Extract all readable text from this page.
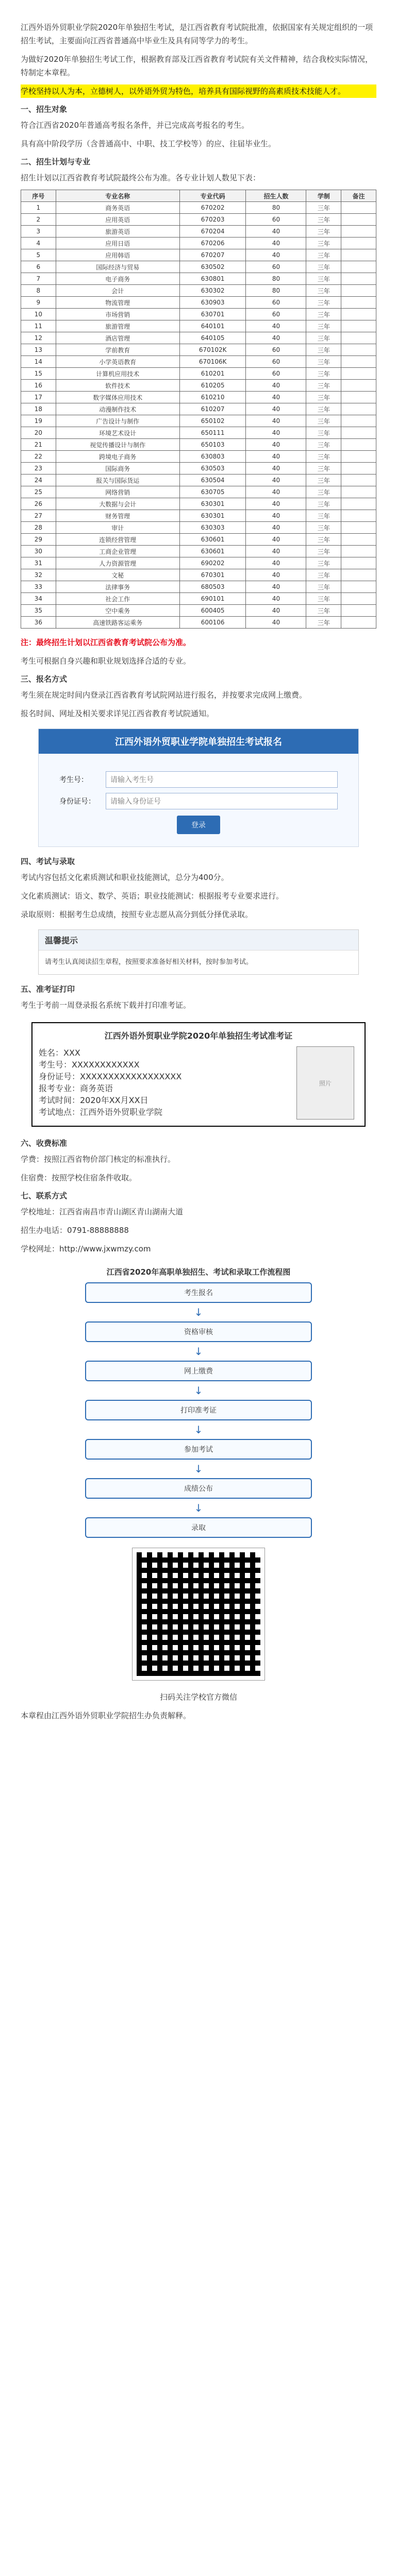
江西外语外贸职业学院2020年单独招生考试，是江西省教育考试院批准，依据国家有关规定组织的一项招生考试，主要面向江西省普通高中毕业生及具有同等学力的考生。

为做好2020年单独招生考试工作，根据教育部及江西省教育考试院有关文件精神，结合我校实际情况，特制定本章程。

学校坚持以人为本，立德树人，以外语外贸为特色，培养具有国际视野的高素质技术技能人才。

一、招生对象

符合江西省2020年普通高考报名条件，并已完成高考报名的考生。

具有高中阶段学历（含普通高中、中职、技工学校等）的应、往届毕业生。

二、招生计划与专业

招生计划以江西省教育考试院最终公布为准。各专业计划人数见下表：

序号	专业名称	专业代码	招生人数	学制	备注
1	商务英语	670202	80	三年	
2	应用英语	670203	60	三年	
3	旅游英语	670204	40	三年	
4	应用日语	670206	40	三年	
5	应用韩语	670207	40	三年	
6	国际经济与贸易	630502	60	三年	
7	电子商务	630801	80	三年	
8	会计	630302	80	三年	
9	物流管理	630903	60	三年	
10	市场营销	630701	60	三年	
11	旅游管理	640101	40	三年	
12	酒店管理	640105	40	三年	
13	学前教育	670102K	60	三年	
14	小学英语教育	670106K	60	三年	
15	计算机应用技术	610201	60	三年	
16	软件技术	610205	40	三年	
17	数字媒体应用技术	610210	40	三年	
18	动漫制作技术	610207	40	三年	
19	广告设计与制作	650102	40	三年	
20	环境艺术设计	650111	40	三年	
21	视觉传播设计与制作	650103	40	三年	
22	跨境电子商务	630803	40	三年	
23	国际商务	630503	40	三年	
24	报关与国际货运	630504	40	三年	
25	网络营销	630705	40	三年	
26	大数据与会计	630301	40	三年	
27	财务管理	630301	40	三年	
28	审计	630303	40	三年	
29	连锁经营管理	630601	40	三年	
30	工商企业管理	630601	40	三年	
31	人力资源管理	690202	40	三年	
32	文秘	670301	40	三年	
33	法律事务	680503	40	三年	
34	社会工作	690101	40	三年	
35	空中乘务	600405	40	三年	
36	高速铁路客运乘务	600106	40	三年	

注：最终招生计划以江西省教育考试院公布为准。

考生可根据自身兴趣和职业规划选择合适的专业。

三、报名方式

考生须在规定时间内登录江西省教育考试院网站进行报名，并按要求完成网上缴费。

报名时间、网址及相关要求详见江西省教育考试院通知。

江西外语外贸职业学院单独招生考试报名
考生号：
请输入考生号
身份证号：
请输入身份证号
登录
四、考试与录取

考试内容包括文化素质测试和职业技能测试，总分为400分。

文化素质测试：语文、数学、英语；职业技能测试：根据报考专业要求进行。

录取原则：根据考生总成绩，按照专业志愿从高分到低分择优录取。

温馨提示
请考生认真阅读招生章程，按照要求准备好相关材料，按时参加考试。
五、准考证打印

考生于考前一周登录报名系统下载并打印准考证。

江西外语外贸职业学院2020年单独招生考试准考证
姓名：XXX
考生号：XXXXXXXXXXXX
身份证号：XXXXXXXXXXXXXXXXXX
报考专业：商务英语
考试时间：2020年XX月XX日
考试地点：江西外语外贸职业学院
照片
六、收费标准

学费：按照江西省物价部门核定的标准执行。

住宿费：按照学校住宿条件收取。

七、联系方式

学校地址：江西省南昌市青山湖区青山湖南大道

招生办电话：0791-88888888

学校网址：http://www.jxwmzy.com

江西省2020年高职单独招生、考试和录取工作流程图
考生报名
↓
资格审核
↓
网上缴费
↓
打印准考证
↓
参加考试
↓
成绩公布
↓
录取

扫码关注学校官方微信

本章程由江西外语外贸职业学院招生办负责解释。
